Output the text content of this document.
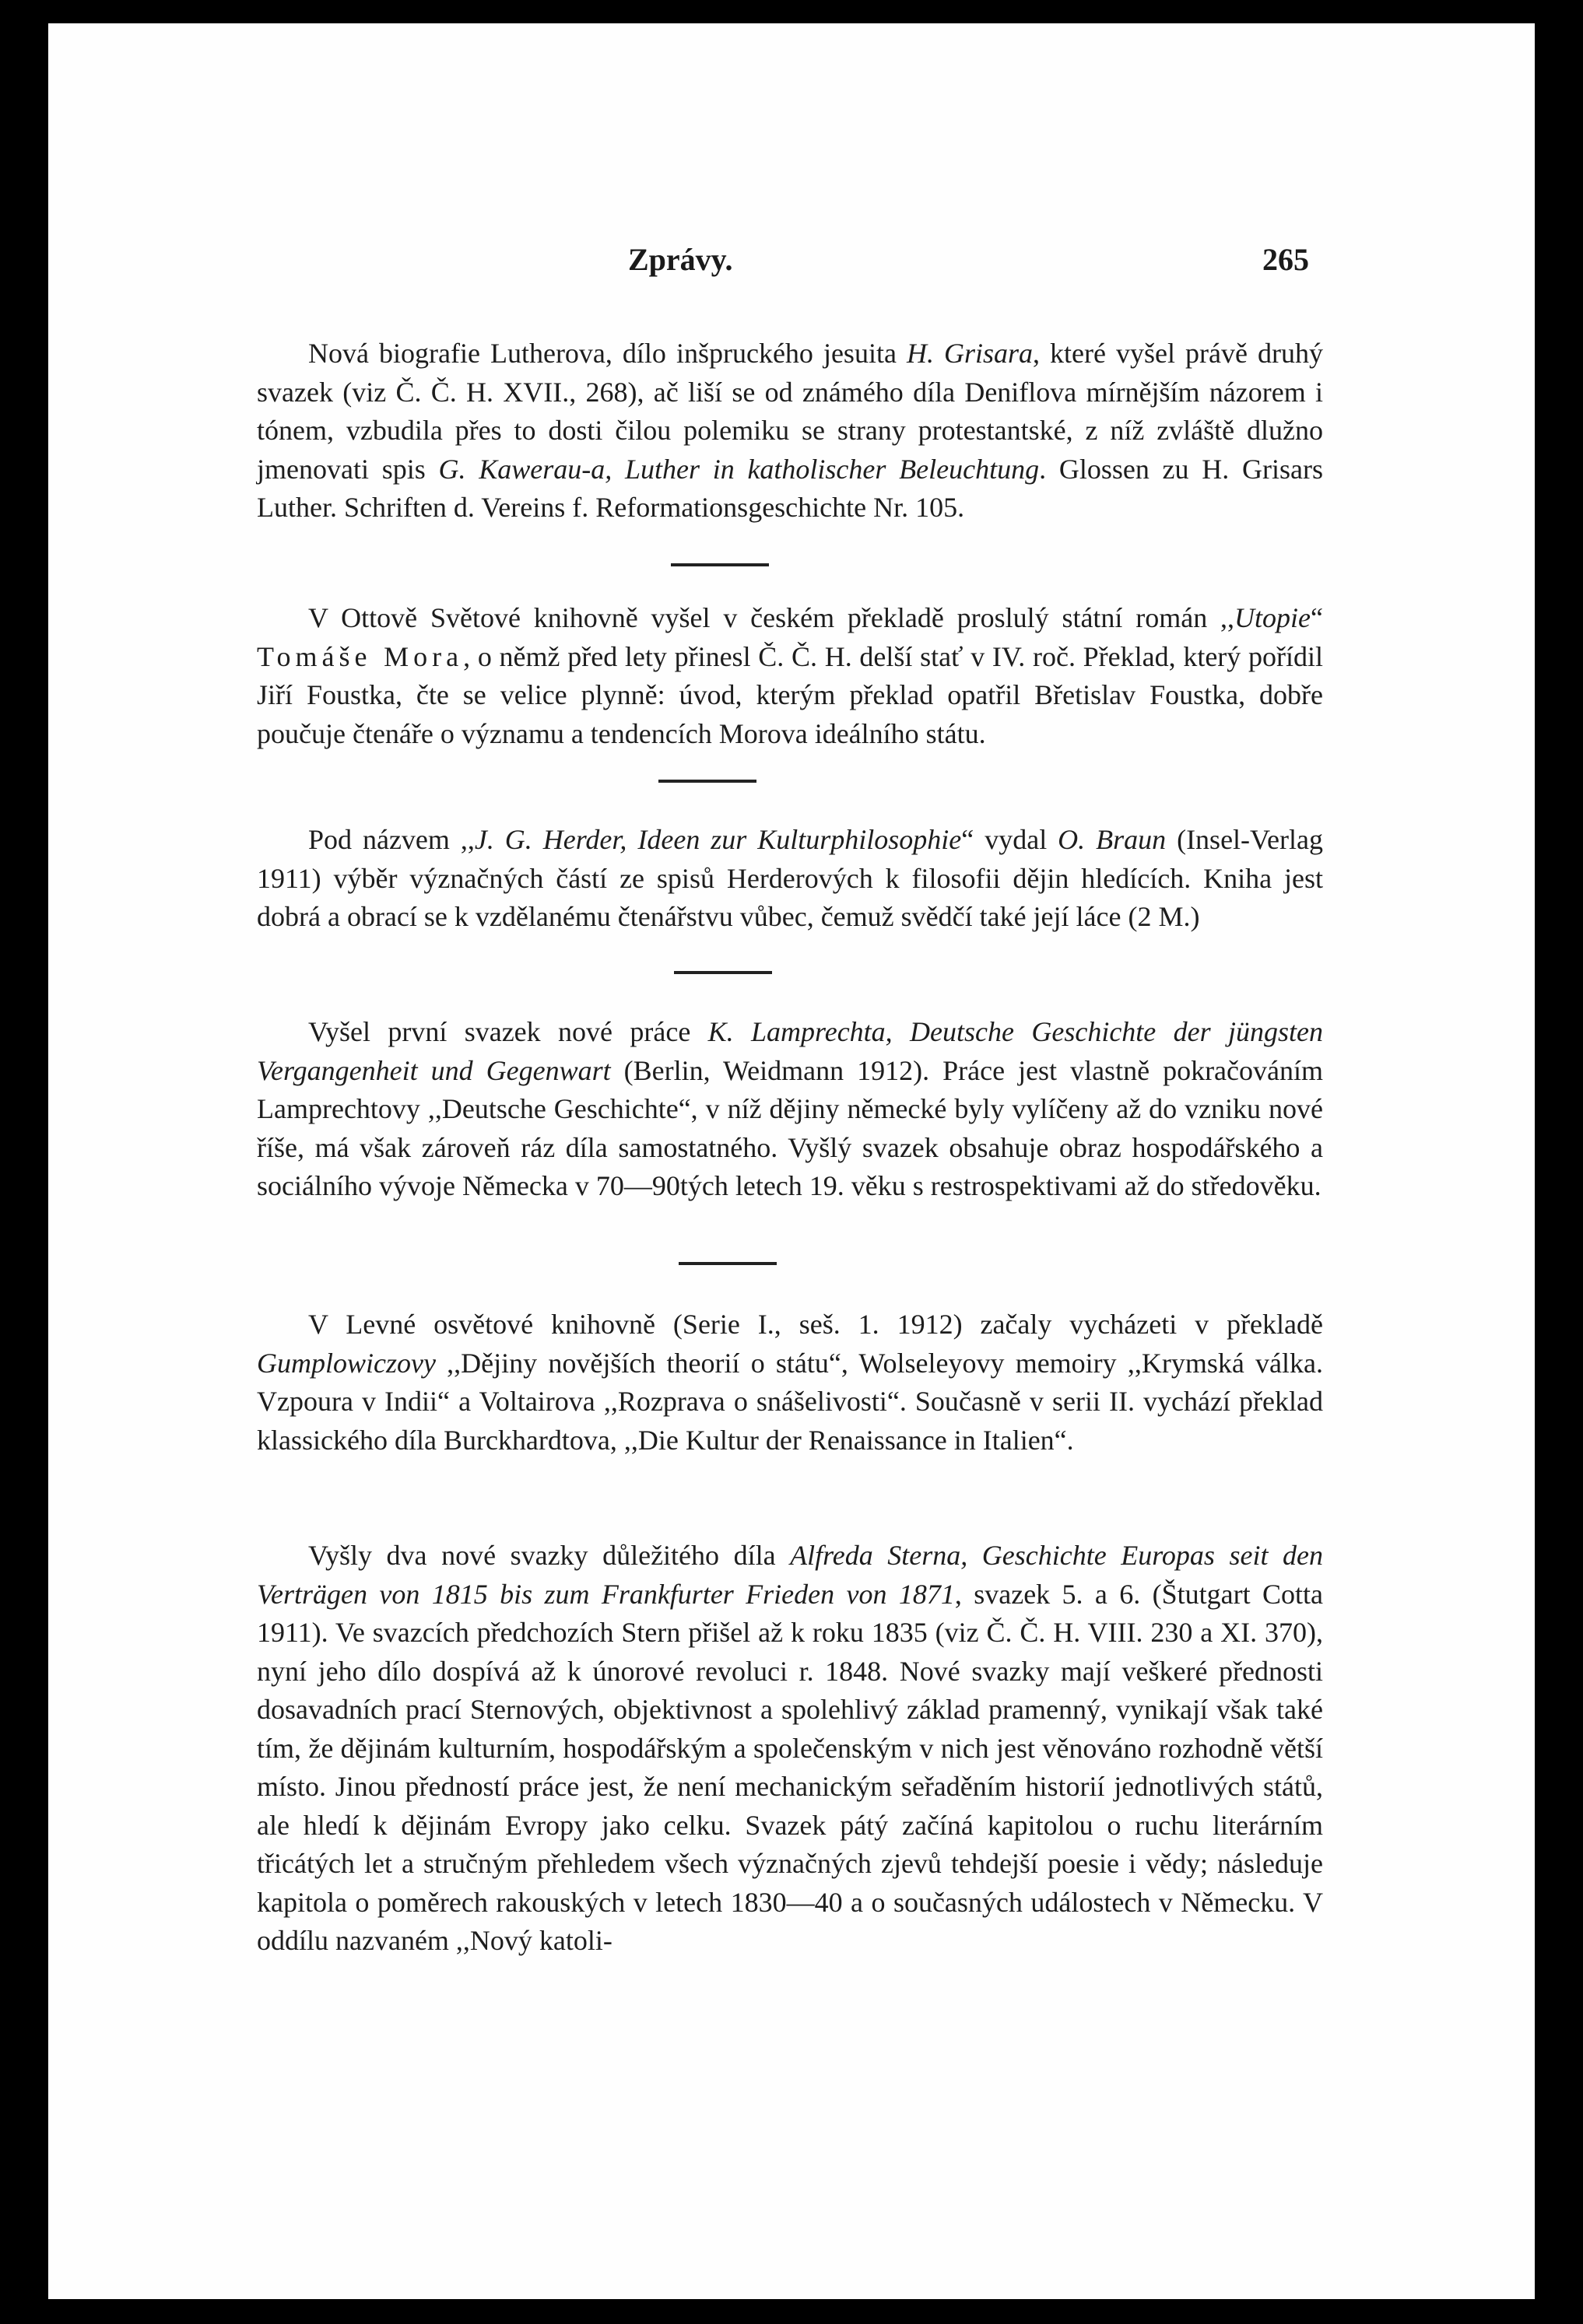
Zprávy.	265

Nová biografie Lutherova, dílo inšpruckého jesuita H. Grisara, které vyšel právě druhý svazek (viz Č. Č. H. XVII., 268), ač liší se od známého díla Deniflova mírnějším názorem i tónem, vzbudila přes to dosti čilou polemiku se strany protestantské, z níž zvláště dlužno jmenovati spis G. Kawerau-a, Luther in katholischer Beleuchtung. Glossen zu H. Grisars Luther. Schriften d. Vereins f. Reformationsgeschichte Nr. 105.

V Ottově Světové knihovně vyšel v českém překladě proslulý státní román ,,Utopie“ Tomáše Mora, o němž před lety přinesl Č. Č. H. delší stať v IV. roč. Překlad, který pořídil Jiří Foustka, čte se velice plynně: úvod, kterým překlad opatřil Břetislav Foustka, dobře poučuje čtenáře o významu a tendencích Morova ideálního státu.

Pod názvem ,,J. G. Herder, Ideen zur Kulturphilosophie“ vydal O. Braun (Insel-Verlag 1911) výběr význačných částí ze spisů Herderových k filosofii dějin hledících. Kniha jest dobrá a obrací se k vzdělanému čtenářstvu vůbec, čemuž svědčí také její láce (2 M.)

Vyšel první svazek nové práce K. Lamprechta, Deutsche Geschichte der jüngsten Vergangenheit und Gegenwart (Berlin, Weidmann 1912). Práce jest vlastně pokračováním Lamprechtovy ,,Deutsche Geschichte“, v níž dějiny německé byly vylíčeny až do vzniku nové říše, má však zároveň ráz díla samostatného. Vyšlý svazek obsahuje obraz hospodářského a sociálního vývoje Německa v 70—90tých letech 19. věku s restrospektivami až do středověku.

V Levné osvětové knihovně (Serie I., seš. 1. 1912) začaly vycházeti v překladě Gumplowiczovy ,,Dějiny novějších theorií o státu“, Wolseleyovy memoiry ,,Krymská válka. Vzpoura v Indii“ a Voltairova ,,Rozprava o snášelivosti“. Současně v serii II. vychází překlad klassického díla Burckhardtova, ,,Die Kultur der Renaissance in Italien“.

Vyšly dva nové svazky důležitého díla Alfreda Sterna, Geschichte Europas seit den Verträgen von 1815 bis zum Frankfurter Frieden von 1871, svazek 5. a 6. (Štutgart Cotta 1911). Ve svazcích předchozích Stern přišel až k roku 1835 (viz Č. Č. H. VIII. 230 a XI. 370), nyní jeho dílo dospívá až k únorové revoluci r. 1848. Nové svazky mají veškeré přednosti dosavadních prací Sternových, objektivnost a spolehlivý základ pramenný, vynikají však také tím, že dějinám kulturním, hospodářským a společenským v nich jest věnováno rozhodně větší místo. Jinou předností práce jest, že není mechanickým seřaděním historií jednotlivých států, ale hledí k dějinám Evropy jako celku. Svazek pátý začíná kapitolou o ruchu literárním třicátých let a stručným přehledem všech význačných zjevů tehdejší poesie i vědy; následuje kapitola o poměrech rakouských v letech 1830—40 a o současných událostech v Německu. V oddílu nazvaném ,,Nový katoli-
